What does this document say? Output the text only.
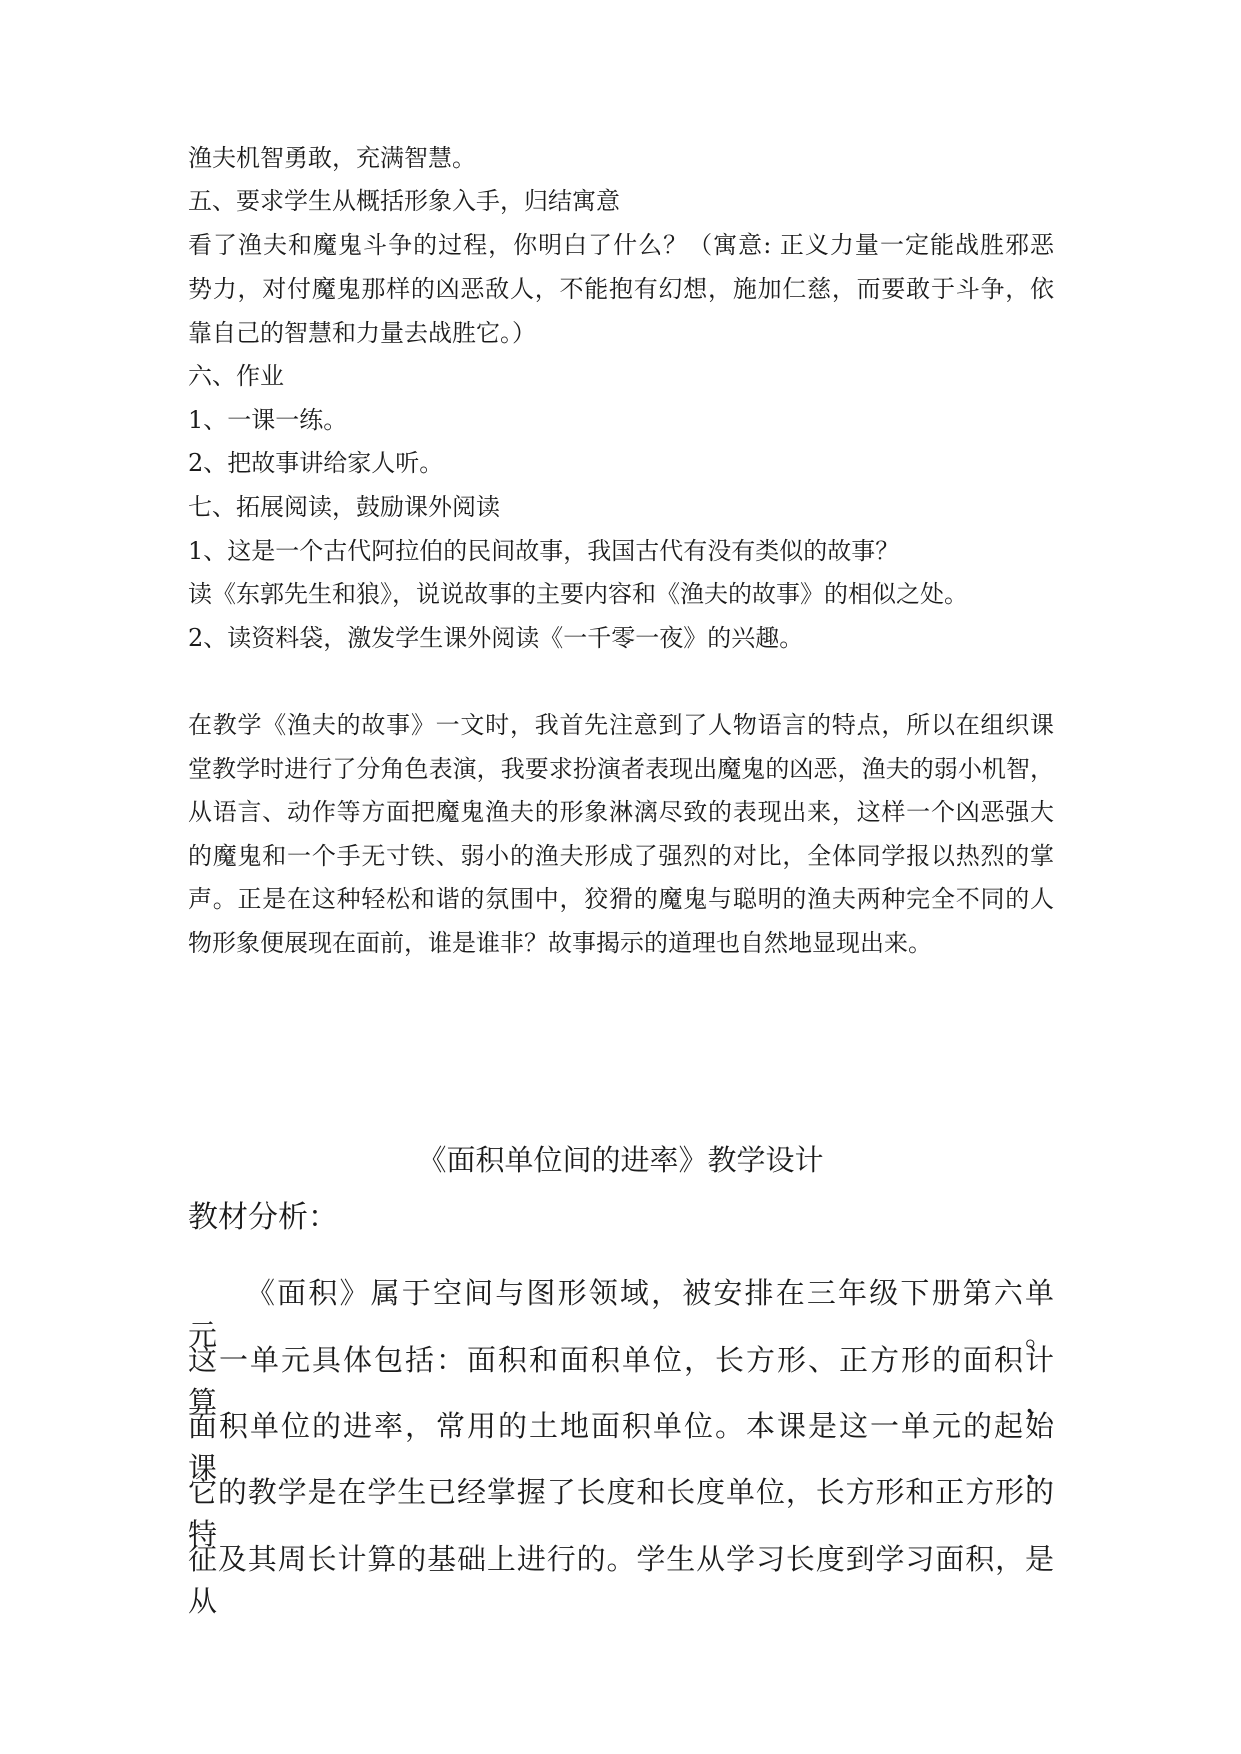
渔夫机智勇敢，充满智慧。
五、要求学生从概括形象入手，归结寓意
看了渔夫和魔鬼斗争的过程，你明白了什么？（寓意: 正义力量一定能战胜邪恶
势力，对付魔鬼那样的凶恶敌人，不能抱有幻想，施加仁慈，而要敢于斗争，依
靠自己的智慧和力量去战胜它。）
六、作业
1、一课一练。
2、把故事讲给家人听。
七、拓展阅读，鼓励课外阅读
1、这是一个古代阿拉伯的民间故事，我国古代有没有类似的故事？
读《东郭先生和狼》，说说故事的主要内容和《渔夫的故事》的相似之处。
2、读资料袋，激发学生课外阅读《一千零一夜》的兴趣。
在教学《渔夫的故事》一文时，我首先注意到了人物语言的特点，所以在组织课
堂教学时进行了分角色表演，我要求扮演者表现出魔鬼的凶恶，渔夫的弱小机智，
从语言、动作等方面把魔鬼渔夫的形象淋漓尽致的表现出来，这样一个凶恶强大
的魔鬼和一个手无寸铁、弱小的渔夫形成了强烈的对比，全体同学报以热烈的掌
声。正是在这种轻松和谐的氛围中，狡猾的魔鬼与聪明的渔夫两种完全不同的人
物形象便展现在面前，谁是谁非？故事揭示的道理也自然地显现出来。
《面积单位间的进率》教学设计
教材分析：
《面积》属于空间与图形领域，被安排在三年级下册第六单元。
这一单元具体包括：面积和面积单位，长方形、正方形的面积计算，
面积单位的进率，常用的土地面积单位。本课是这一单元的起始课，
它的教学是在学生已经掌握了长度和长度单位，长方形和正方形的特
征及其周长计算的基础上进行的。学生从学习长度到学习面积，是从
